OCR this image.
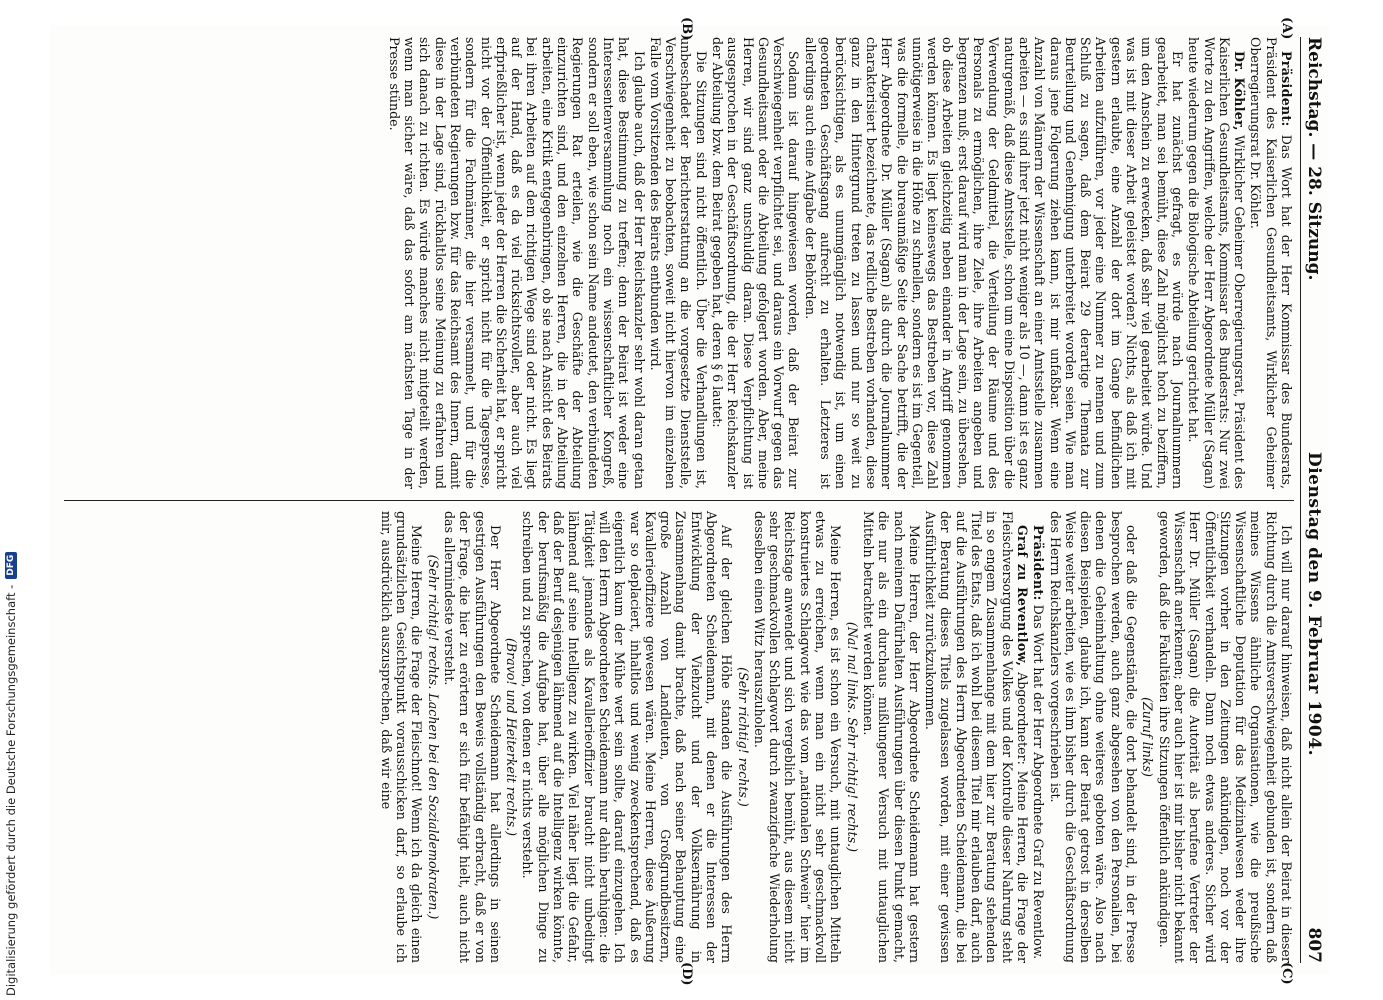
Reichstag. — 28. Sitzung.
Dienstag den 9. Februar 1904.
807

Präsident: Das Wort hat der Herr Kommissar des Bundesrats, Präsident des Kaiserlichen Gesundheitsamts, Wirklicher Geheimer Oberregierungsrat Dr. Köhler.

Dr. Köhler, Wirklicher Geheimer Oberregierungsrat, Präsident des Kaiserlichen Gesundheitsamts, Kommissar des Bundesrats: Nur zwei Worte zu den Angriffen, welche der Herr Abgeordnete Müller (Sagan) heute wiederum gegen die Biologische Abteilung gerichtet hat.

Er hat zunächst gefragt, es würde nach Journalnummern gearbeitet, man sei bemüht, diese Zahl möglichst hoch zu beziffern, um den Anschein zu erwecken, daß sehr viel gearbeitet würde. Und was ist mit dieser Arbeit geleistet worden? Nichts, als daß ich mit gestern erlaubte, eine Anzahl der dort im Gange befindlichen Arbeiten aufzuführen, vor jeder eine Nummer zu nennen und zum Schluß zu sagen, daß dem Beirat 29 derartige Themata zur Beurteilung und Genehmigung unterbreitet worden seien. Wie man daraus jene Folgerung ziehen kann, ist mir unfaßbar. Wenn eine Anzahl von Männern der Wissenschaft an einer Amtsstelle zusammen arbeiten — es sind ihrer jetzt nicht weniger als 10 —, dann ist es ganz naturgemäß, daß diese Amtsstelle, schon um eine Disposition über die Verwendung der Geldmittel, die Verteilung der Räume und des Personals zu ermöglichen, ihre Ziele, ihre Arbeiten angeben und begrenzen muß; erst darauf wird man in der Lage sein, zu übersehen, ob diese Arbeiten gleichzeitig neben einander in Angriff genommen werden können. Es liegt keineswegs das Bestreben vor, diese Zahl unnötigerweise in die Höhe zu schnellen, sondern es ist im Gegenteil, was die formelle, die bureaumäßige Seite der Sache betrifft, die der Herr Abgeordnete Dr. Müller (Sagan) als durch die Journalnummer charakterisiert bezeichnete, das redliche Bestreben vorhanden, diese ganz in den Hintergrund treten zu lassen und nur so weit zu berücksichtigen, als es unumgänglich notwendig ist, um einen geordneten Geschäftsgang aufrecht zu erhalten. Letzteres ist allerdings auch eine Aufgabe der Behörden.

Sodann ist darauf hingewiesen worden, daß der Beirat zur Verschwiegenheit verpflichtet sei, und daraus ein Vorwurf gegen das Gesundheitsamt oder die Abteilung gefolgert worden. Aber, meine Herren, wir sind ganz unschuldig daran. Diese Verpflichtung ist ausgesprochen in der Geschäftsordnung, die der Herr Reichskanzler der Abteilung bzw. dem Beirat gegeben hat, deren § 6 lautet:

Die Sitzungen sind nicht öffentlich. Über die Verhandlungen ist, unbeschadet der Berichterstattung an die vorgesetzte Dienststelle, Verschwiegenheit zu beobachten, soweit nicht hiervon im einzelnen Falle vom Vorsitzenden des Beirats entbunden wird.

Ich glaube auch, daß der Herr Reichskanzler sehr wohl daran getan hat, diese Bestimmung zu treffen; denn der Beirat ist weder eine Interessentenversammlung noch ein wissenschaftlicher Kongreß, sondern er soll eben, wie schon sein Name andeutet, den verbündeten Regierungen Rat erteilen, wie die Geschäfte der Abteilung einzurichten sind, und den einzelnen Herren, die in der Abteilung arbeiten, eine Kritik entgegenbringen, ob sie nach Ansicht des Beirats bei ihren Arbeiten auf dem richtigen Wege sind oder nicht. Es liegt auf der Hand, daß es da viel rücksichtsvoller, aber auch viel erfprießlicher ist, wenn jeder der Herren die Sicherheit hat, er spricht nicht vor der Öffentlichkeit, er spricht nicht für die Tagespresse, sondern für die Fachmänner, die hier versammelt, und für die verbündeten Regierungen bzw. für das Reichsamt des Innern, damit diese in der Lage sind, rückhaltlos seine Meinung zu erfahren und sich danach zu richten. Es würde manches nicht mitgeteilt werden, wenn man sicher wäre, daß das sofort am nächsten Tage in der Presse stünde.

Ich will nur darauf hinweisen, daß nicht allein der Beirat in dieser Richtung durch die Amtsverschwiegenheit gebunden ist, sondern daß meines Wissens ähnliche Organisationen, wie die preußische Wissenschaftliche Deputation für das Medizinalwesen weder ihre Sitzungen vorher in den Zeitungen ankündigen, noch vor der Öffentlichkeit verhandeln. Dann noch etwas anderes. Sicher wird Herr Dr. Müller (Sagan) die Autorität als berufene Vertreter der Wissenschaft anerkennen; aber auch hier ist mir bisher nicht bekannt geworden, daß die Fakultäten ihre Sitzungen öffentlich ankündigen.

(Zuruf links)

oder daß die Gegenstände, die dort behandelt sind, in der Presse besprochen werden, auch ganz abgesehen von den Personalien, bei denen die Geheimhaltung ohne weiteres geboten wäre. Also nach diesen Beispielen, glaube ich, kann der Beirat getrost in derselben Weise weiter arbeiten, wie es ihm bisher durch die Geschäftsordnung des Herrn Reichskanzlers vorgeschrieben ist.

Präsident: Das Wort hat der Herr Abgeordnete Graf zu Reventlow.

Graf zu Reventlow, Abgeordneter: Meine Herren, die Frage der Fleischversorgung des Volkes und der Kontrolle dieser Nahrung steht in so engem Zusammenhange mit dem hier zur Beratung stehenden Titel des Etats, daß ich wohl bei diesem Titel mir erlauben darf, auch auf die Ausführungen des Herrn Abgeordneten Scheidemann, die bei der Beratung dieses Titels zugelassen worden, mit einer gewissen Ausführlichkeit zurückzukommen.

Meine Herren, der Herr Abgeordnete Scheidemann hat gestern nach meinem Dafürhalten Ausführungen über diesen Punkt gemacht, die nur als ein durchaus mißlungener Versuch mit untauglichen Mitteln betrachtet werden können.

(Na! na! links. Sehr richtig! rechts.)

Meine Herren, es ist schon ein Versuch, mit untauglichen Mitteln etwas zu erreichen, wenn man ein nicht sehr geschmackvoll konstruiertes Schlagwort wie das vom „nationalen Schwein“ hier im Reichstage anwendet und sich vergeblich bemüht, aus diesem nicht sehr geschmackvollen Schlagwort durch zwanzigfache Wiederholung desselben einen Witz herauszuholen.

(Sehr richtig! rechts.)

Auf der gleichen Höhe standen die Ausführungen des Herrn Abgeordneten Scheidemann, mit denen er die Interessen der Entwicklung der Viehzucht und der Volksernährung in Zusammenhang damit brachte, daß nach seiner Behauptung eine große Anzahl von Landleuten, von Großgrundbesitzern, Kavallerieoffiziere gewesen wären. Meine Herren, diese Äußerung war so deplaciert, inhaltlos und wenig zweckentsprechend, daß es eigentlich kaum der Mühe wert sein sollte, darauf einzugehen. Ich will den Herrn Abgeordneten Scheidemann nur dahin beruhigen: die Tätigkeit jemandes als Kavallerieoffizier braucht nicht unbedingt lähmend auf seine Intelligenz zu wirken. Viel näher liegt die Gefahr, daß der Beruf desjenigen lähmend auf die Intelligenz wirken könnte, der berufsmäßig die Aufgabe hat, über alle möglichen Dinge zu schreiben und zu sprechen, von denen er nichts versteht.

(Bravo! und Heiterkeit rechts.)

Der Herr Abgeordnete Scheidemann hat allerdings in seinen gestrigen Ausführungen den Beweis vollständig erbracht, daß er von der Frage, die hier zu erörtern er sich für befähigt hielt, auch nicht das allermindeste versteht.

(Sehr richtig! rechts. Lachen bei den Sozialdemokraten.)

Meine Herren, die Frage der Fleischnot! Wenn ich da gleich einen grundsätzlichen Gesichtspunkt vorausschicken darf, so erlaube ich mir, ausdrücklich auszusprechen, daß wir eine

(A)
(B)
(C)
(D)
Digitalisierung gefördert durch die Deutsche Forschungsgemeinschaft -
DFG
